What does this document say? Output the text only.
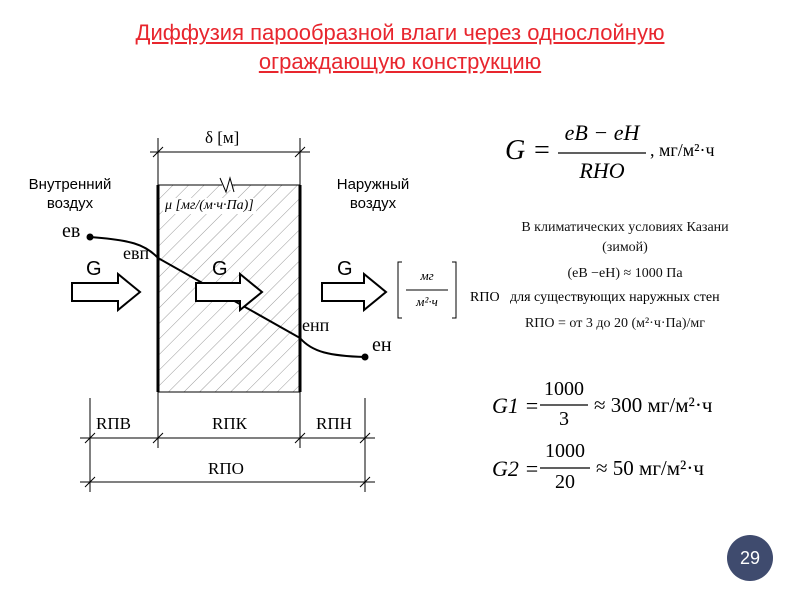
Диффузия парообразной влаги через однослойную
ограждающую конструкцию
δ [м]
Внутренний
воздух
Наружный
воздух
μ [мг/(м·ч·Па)]
eв
eвп
eнп
eн
G	G	G	мг
м²·ч
RПВ	RПК	RПН
RПО
G =
eВ − eН
RНО
, мг/м²·ч
В климатических условиях Казани
(зимой)
(eВ −eН) ≈ 1000 Па
RПО для существующих наружных стен
RПО = от 3 до 20 (м²·ч·Па)/мг
G1 =
1000
3
≈ 300 мг/м²·ч
G2 =
1000
20
≈ 50 мг/м²·ч
29
